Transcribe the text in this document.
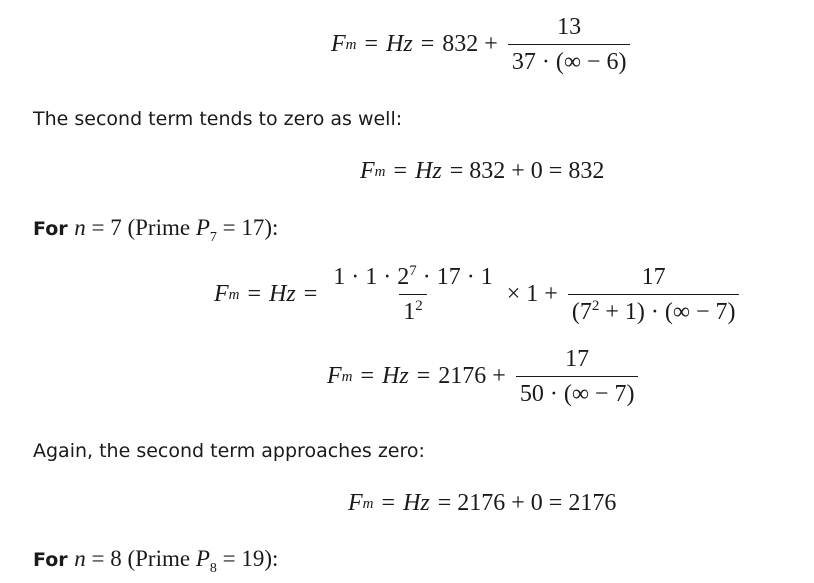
F $m = Hz = 832 + \frac{13}{37 \cdot (\infty - 6)}$
The second term tends to zero as well:
F m = Hz = 832 + 0 = 832
For n = 7 (Prime $P_7 = 17$):
F $m = Hz = \frac{1 \cdot 1 \cdot 2^7 \cdot 17 \cdot 1}{1^2} \times 1 + \frac{17}{(7^2 + 1) \cdot (\infty - 7)}$
F $m = Hz = 2176 + \frac{17}{50 \cdot (\infty - 7)}$
Again, the second term approaches zero:
F m = Hz = 2176 + 0 = 2176
For n = 8 (Prime $P_8 = 19$):
